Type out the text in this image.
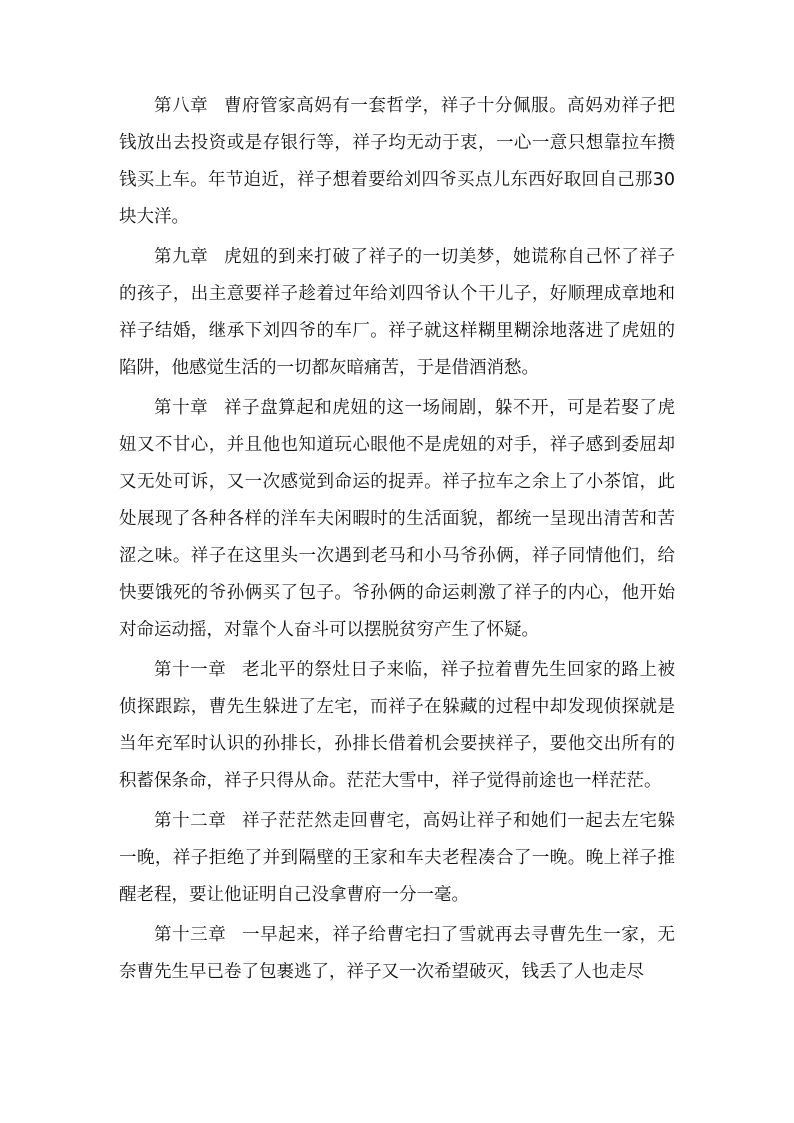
第八章 曹府管家高妈有一套哲学，祥子十分佩服。高妈劝祥子把钱放出去投资或是存银行等，祥子均无动于衷，一心一意只想靠拉车攒钱买上车。年节迫近，祥子想着要给刘四爷买点儿东西好取回自己那30块大洋。

第九章 虎妞的到来打破了祥子的一切美梦，她谎称自己怀了祥子的孩子，出主意要祥子趁着过年给刘四爷认个干儿子，好顺理成章地和祥子结婚，继承下刘四爷的车厂。祥子就这样糊里糊涂地落进了虎妞的陷阱，他感觉生活的一切都灰暗痛苦，于是借酒消愁。

第十章 祥子盘算起和虎妞的这一场闹剧，躲不开，可是若娶了虎妞又不甘心，并且他也知道玩心眼他不是虎妞的对手，祥子感到委屈却又无处可诉，又一次感觉到命运的捉弄。祥子拉车之余上了小茶馆，此处展现了各种各样的洋车夫闲暇时的生活面貌，都统一呈现出清苦和苦涩之味。祥子在这里头一次遇到老马和小马爷孙俩，祥子同情他们，给快要饿死的爷孙俩买了包子。爷孙俩的命运刺激了祥子的内心，他开始对命运动摇，对靠个人奋斗可以摆脱贫穷产生了怀疑。

第十一章 老北平的祭灶日子来临，祥子拉着曹先生回家的路上被侦探跟踪，曹先生躲进了左宅，而祥子在躲藏的过程中却发现侦探就是当年充军时认识的孙排长，孙排长借着机会要挟祥子，要他交出所有的积蓄保条命，祥子只得从命。茫茫大雪中，祥子觉得前途也一样茫茫。

第十二章 祥子茫茫然走回曹宅，高妈让祥子和她们一起去左宅躲一晚，祥子拒绝了并到隔壁的王家和车夫老程凑合了一晚。晚上祥子推醒老程，要让他证明自己没拿曹府一分一毫。

第十三章 一早起来，祥子给曹宅扫了雪就再去寻曹先生一家，无奈曹先生早已卷了包裹逃了，祥子又一次希望破灭，钱丢了人也走尽
